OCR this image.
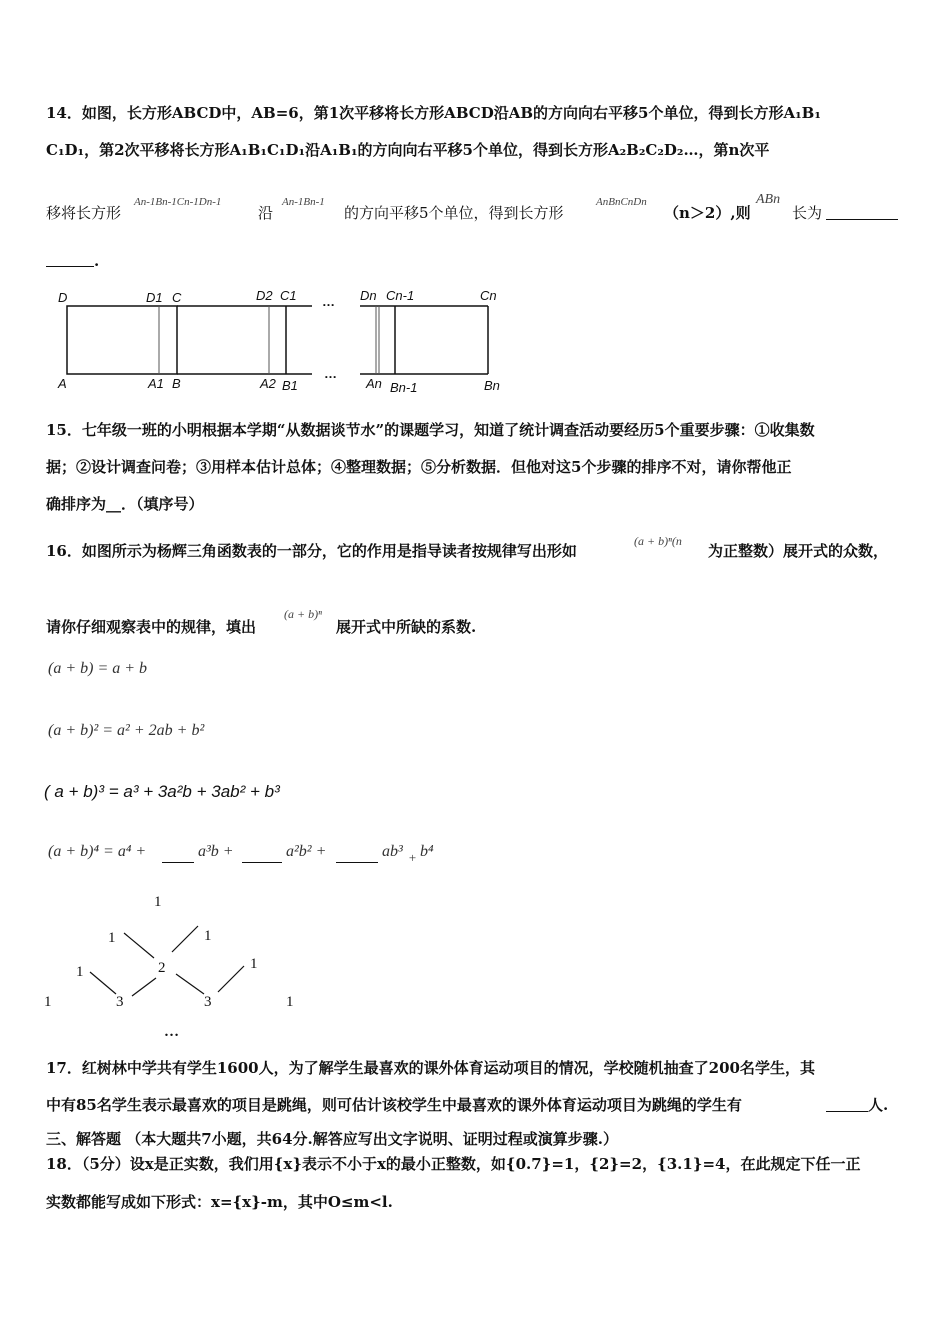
14．如图，长方形ABCD中，AB=6，第1次平移将长方形ABCD沿AB的方向向右平移5个单位，得到长方形A₁B₁
C₁D₁，第2次平移将长方形A₁B₁C₁D₁沿A₁B₁的方向向右平移5个单位，得到长方形A₂B₂C₂D₂…，第n次平
移将长方形
An-1Bn-1Cn-1Dn-1
沿
An-1Bn-1
的方向平移5个单位，得到长方形
AnBnCnDn
（n＞2）,则
ABn
长为
.
D	D1 C	D2 C1 … Dn Cn-1	Cn
A	A1 B	A2 B1
…
An Bn-1	Bn
15．七年级一班的小明根据本学期“从数据谈节水”的课题学习，知道了统计调查活动要经历5个重要步骤：①收集数
据；②设计调查问卷；③用样本估计总体；④整理数据；⑤分析数据．但他对这5个步骤的排序不对，请你帮他正
确排序为__．（填序号）
16．如图所示为杨辉三角函数表的一部分，它的作用是指导读者按规律写出形如
(a + b)ⁿ(n
为正整数）展开式的众数，
请你仔细观察表中的规律，填出
(a + b)ⁿ
展开式中所缺的系数.
(a + b) = a + b
(a + b)² = a² + 2ab + b²
( a + b)³ = a³ + 3a²b + 3ab² + b³
(a + b)⁴ = a⁴ +	a³b +	a²b² +	ab³ + b⁴
1
1	1
1	2	1
1	3	3	1
…
17．红树林中学共有学生1600人，为了解学生最喜欢的课外体育运动项目的情况，学校随机抽查了200名学生，其
中有85名学生表示最喜欢的项目是跳绳，则可估计该校学生中最喜欢的课外体育运动项目为跳绳的学生有	人.
三、解答题 （本大题共7小题，共64分.解答应写出文字说明、证明过程或演算步骤.）
18．（5分）设x是正实数，我们用{x}表示不小于x的最小正整数，如{0.7}=1，{2}=2，{3.1}=4，在此规定下任一正
实数都能写成如下形式：x={x}-m，其中O≤m<l.
